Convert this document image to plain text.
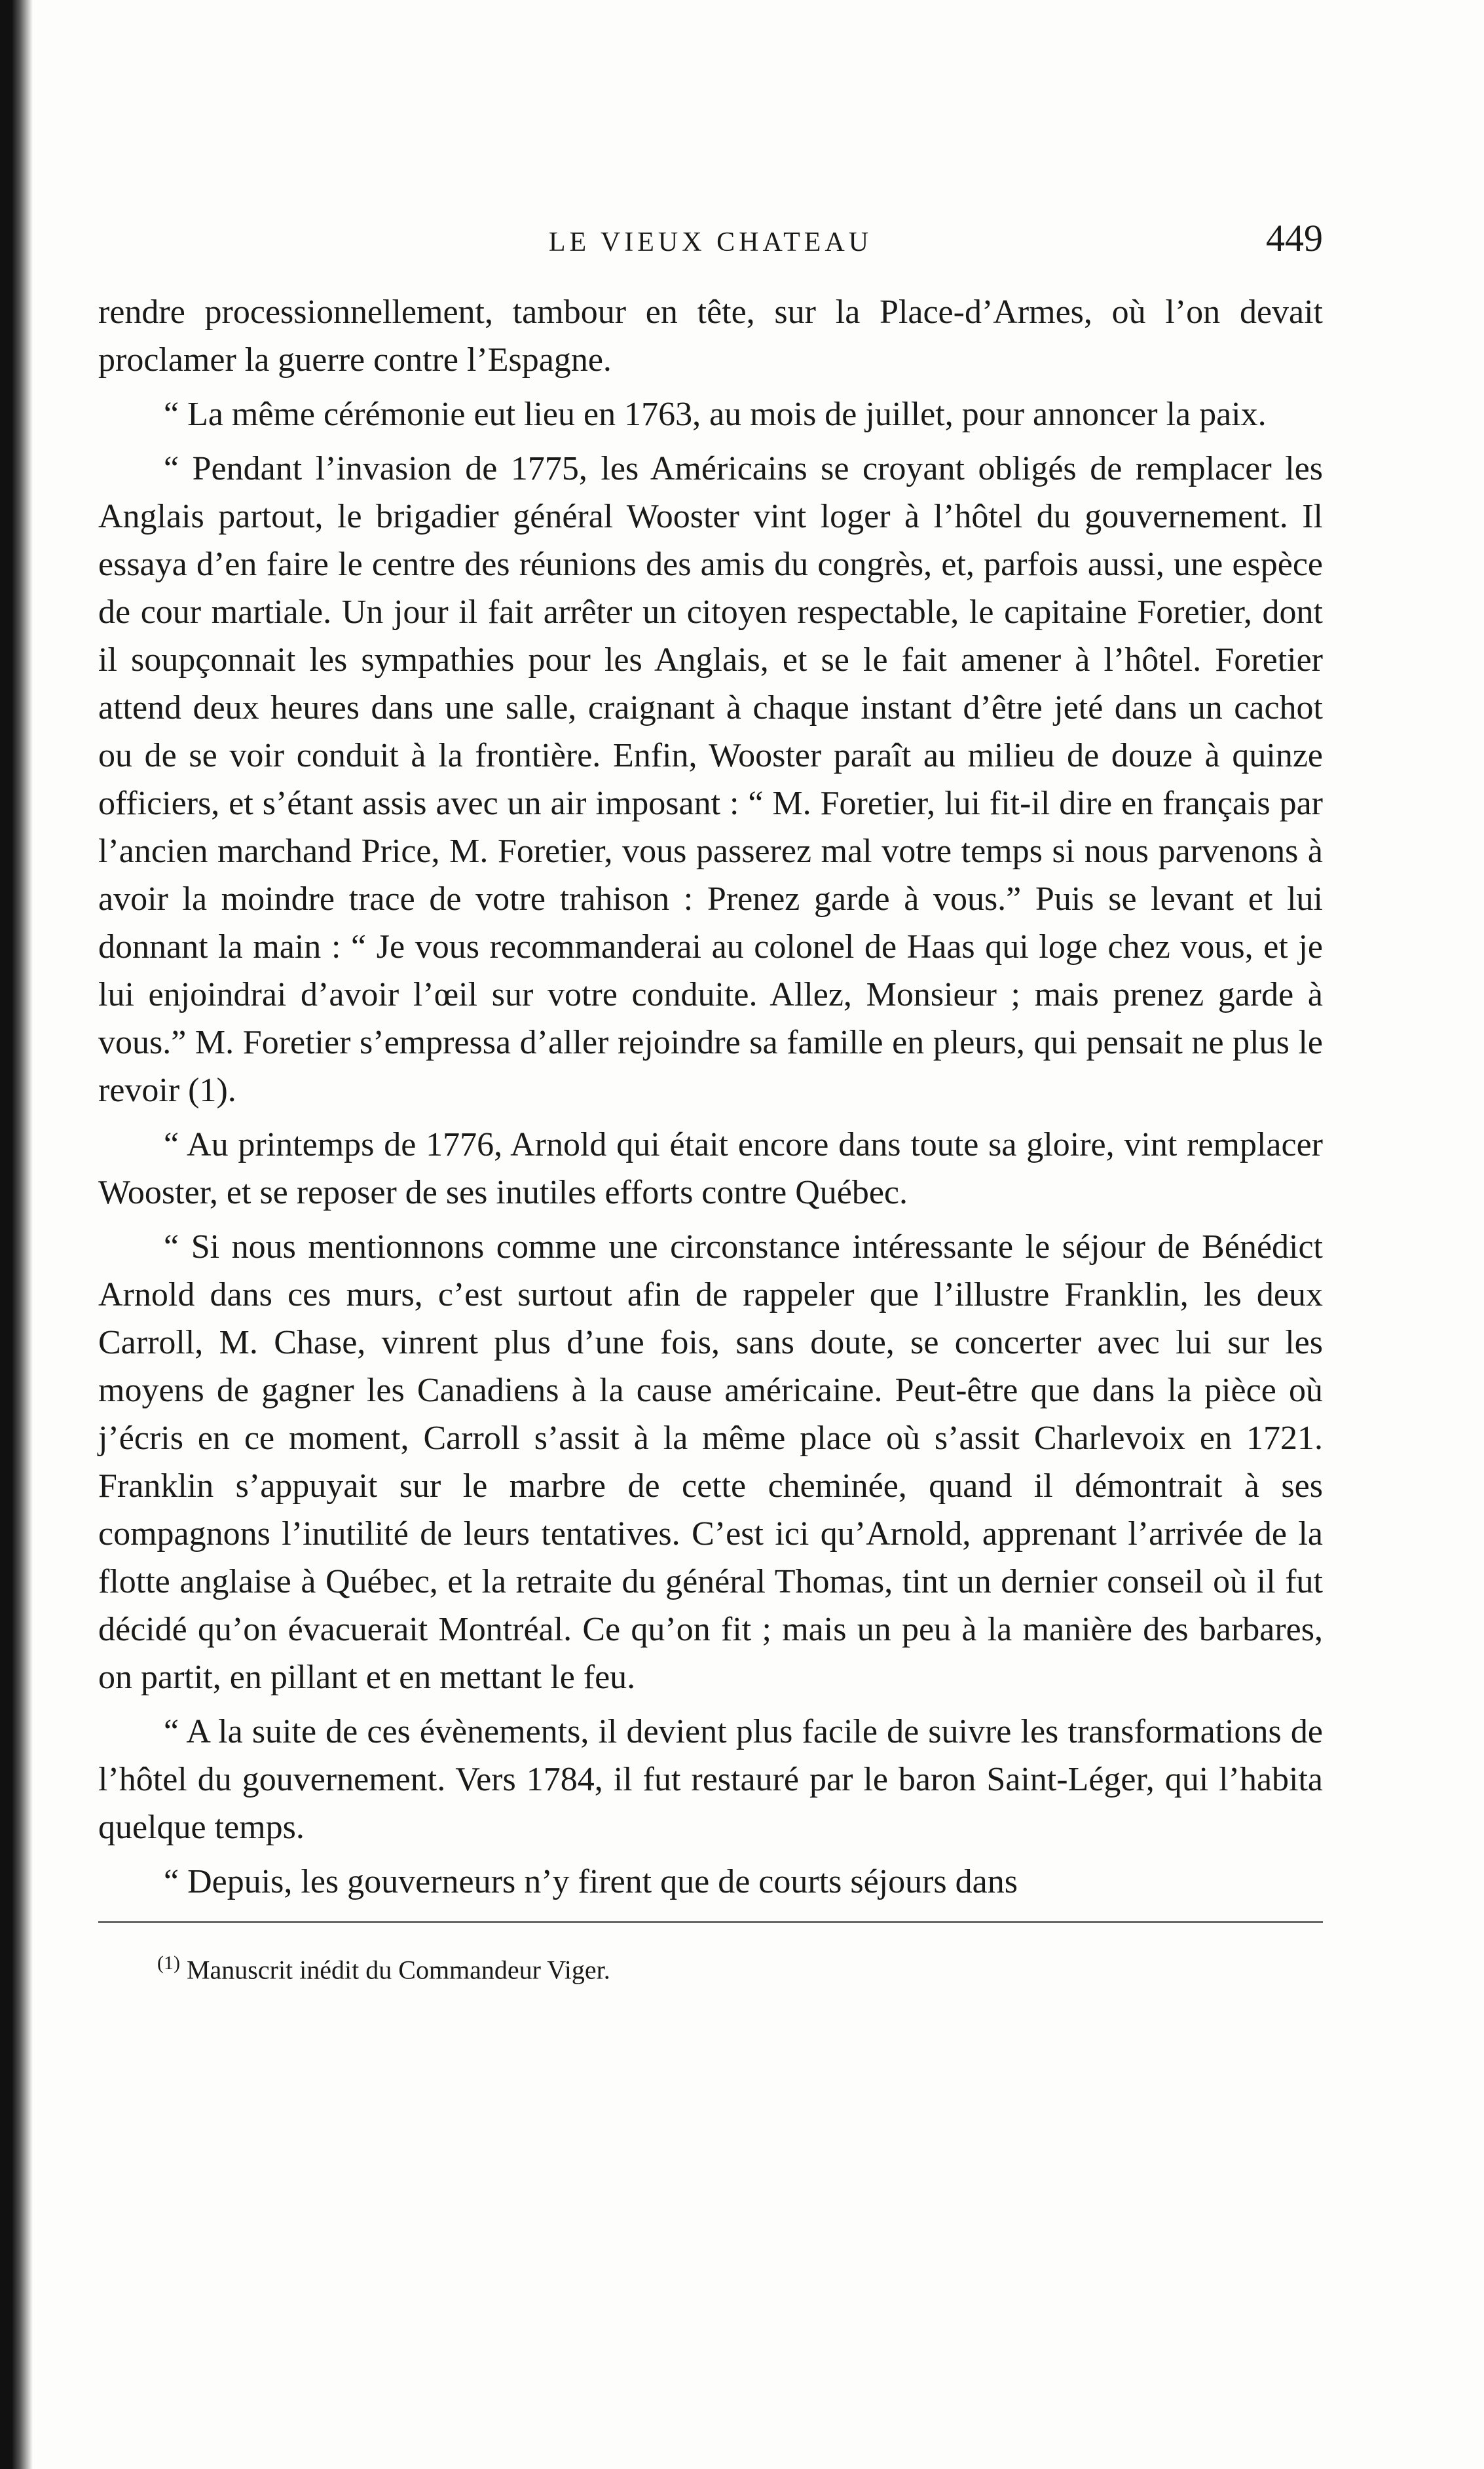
LE VIEUX CHATEAU	449

rendre processionnellement, tambour en tête, sur la Place-d’Armes, où l’on devait proclamer la guerre contre l’Espagne.

“ La même cérémonie eut lieu en 1763, au mois de juillet, pour annoncer la paix.

“ Pendant l’invasion de 1775, les Américains se croyant obligés de remplacer les Anglais partout, le brigadier général Wooster vint loger à l’hôtel du gouvernement. Il essaya d’en faire le centre des réunions des amis du congrès, et, parfois aussi, une espèce de cour martiale. Un jour il fait arrêter un citoyen respectable, le capitaine Foretier, dont il soupçonnait les sympathies pour les Anglais, et se le fait amener à l’hôtel. Foretier attend deux heures dans une salle, craignant à chaque instant d’être jeté dans un cachot ou de se voir conduit à la frontière. Enfin, Wooster paraît au milieu de douze à quinze officiers, et s’étant assis avec un air imposant : “ M. Foretier, lui fit-il dire en français par l’ancien marchand Price, M. Foretier, vous passerez mal votre temps si nous parvenons à avoir la moindre trace de votre trahison : Prenez garde à vous.” Puis se levant et lui donnant la main : “ Je vous recommanderai au colonel de Haas qui loge chez vous, et je lui enjoindrai d’avoir l’œil sur votre conduite. Allez, Monsieur ; mais prenez garde à vous.” M. Foretier s’empressa d’aller rejoindre sa famille en pleurs, qui pensait ne plus le revoir (1).

“ Au printemps de 1776, Arnold qui était encore dans toute sa gloire, vint remplacer Wooster, et se reposer de ses inutiles efforts contre Québec.

“ Si nous mentionnons comme une circonstance intéressante le séjour de Bénédict Arnold dans ces murs, c’est surtout afin de rappeler que l’illustre Franklin, les deux Carroll, M. Chase, vinrent plus d’une fois, sans doute, se concerter avec lui sur les moyens de gagner les Canadiens à la cause américaine. Peut-être que dans la pièce où j’écris en ce moment, Carroll s’assit à la même place où s’assit Charlevoix en 1721. Franklin s’appuyait sur le marbre de cette cheminée, quand il démontrait à ses compagnons l’inutilité de leurs tentatives. C’est ici qu’Arnold, apprenant l’arrivée de la flotte anglaise à Québec, et la retraite du général Thomas, tint un dernier conseil où il fut décidé qu’on évacuerait Montréal. Ce qu’on fit ; mais un peu à la manière des barbares, on partit, en pillant et en mettant le feu.

“ A la suite de ces évènements, il devient plus facile de suivre les transformations de l’hôtel du gouvernement. Vers 1784, il fut restauré par le baron Saint-Léger, qui l’habita quelque temps.

“ Depuis, les gouverneurs n’y firent que de courts séjours dans

$^{(1)}$ Manuscrit inédit du Commandeur Viger.
